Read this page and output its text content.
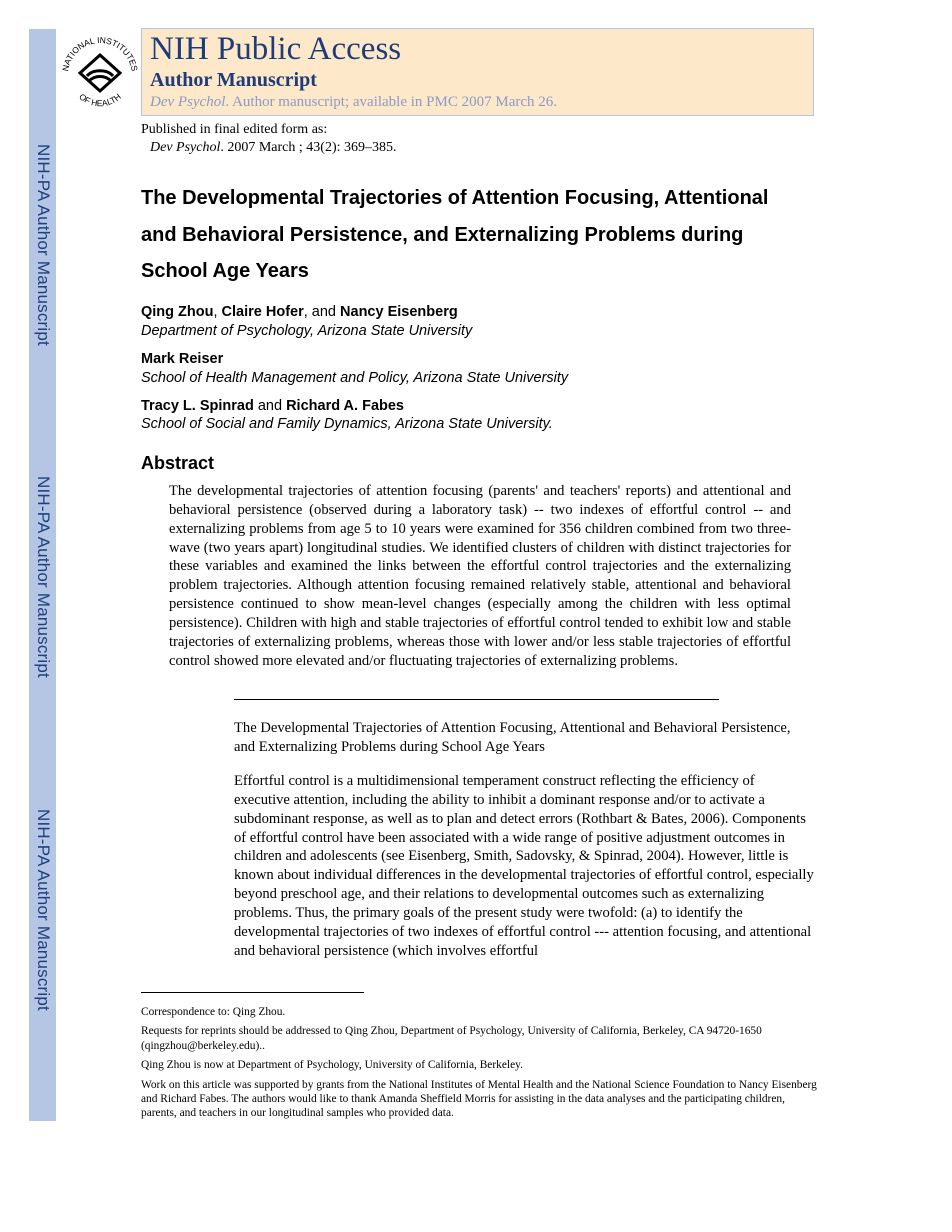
NIH-PA Author Manuscript
NIH-PA Author Manuscript
NIH-PA Author Manuscript
NATIONAL INSTITUTES
OF HEALTH
NIH Public Access
Author Manuscript
Dev Psychol. Author manuscript; available in PMC 2007 March 26.
Published in final edited form as:
Dev Psychol. 2007 March ; 43(2): 369–385.
The Developmental Trajectories of Attention Focusing, Attentional and Behavioral Persistence, and Externalizing Problems during School Age Years
Qing Zhou, Claire Hofer, and Nancy Eisenberg
Department of Psychology, Arizona State University
Mark Reiser
School of Health Management and Policy, Arizona State University
Tracy L. Spinrad and Richard A. Fabes
School of Social and Family Dynamics, Arizona State University.
Abstract
The developmental trajectories of attention focusing (parents' and teachers' reports) and attentional and behavioral persistence (observed during a laboratory task) -- two indexes of effortful control -- and externalizing problems from age 5 to 10 years were examined for 356 children combined from two three-wave (two years apart) longitudinal studies. We identified clusters of children with distinct trajectories for these variables and examined the links between the effortful control trajectories and the externalizing problem trajectories. Although attention focusing remained relatively stable, attentional and behavioral persistence continued to show mean-level changes (especially among the children with less optimal persistence). Children with high and stable trajectories of effortful control tended to exhibit low and stable trajectories of externalizing problems, whereas those with lower and/or less stable trajectories of effortful control showed more elevated and/or fluctuating trajectories of externalizing problems.
The Developmental Trajectories of Attention Focusing, Attentional and Behavioral Persistence, and Externalizing Problems during School Age Years
Effortful control is a multidimensional temperament construct reflecting the efficiency of executive attention, including the ability to inhibit a dominant response and/or to activate a subdominant response, as well as to plan and detect errors (Rothbart & Bates, 2006). Components of effortful control have been associated with a wide range of positive adjustment outcomes in children and adolescents (see Eisenberg, Smith, Sadovsky, & Spinrad, 2004). However, little is known about individual differences in the developmental trajectories of effortful control, especially beyond preschool age, and their relations to developmental outcomes such as externalizing problems. Thus, the primary goals of the present study were twofold: (a) to identify the developmental trajectories of two indexes of effortful control --- attention focusing, and attentional and behavioral persistence (which involves effortful

Correspondence to: Qing Zhou.

Requests for reprints should be addressed to Qing Zhou, Department of Psychology, University of California, Berkeley, CA 94720-1650 (qingzhou@berkeley.edu)..

Qing Zhou is now at Department of Psychology, University of California, Berkeley.

Work on this article was supported by grants from the National Institutes of Mental Health and the National Science Foundation to Nancy Eisenberg and Richard Fabes. The authors would like to thank Amanda Sheffield Morris for assisting in the data analyses and the participating children, parents, and teachers in our longitudinal samples who provided data.
